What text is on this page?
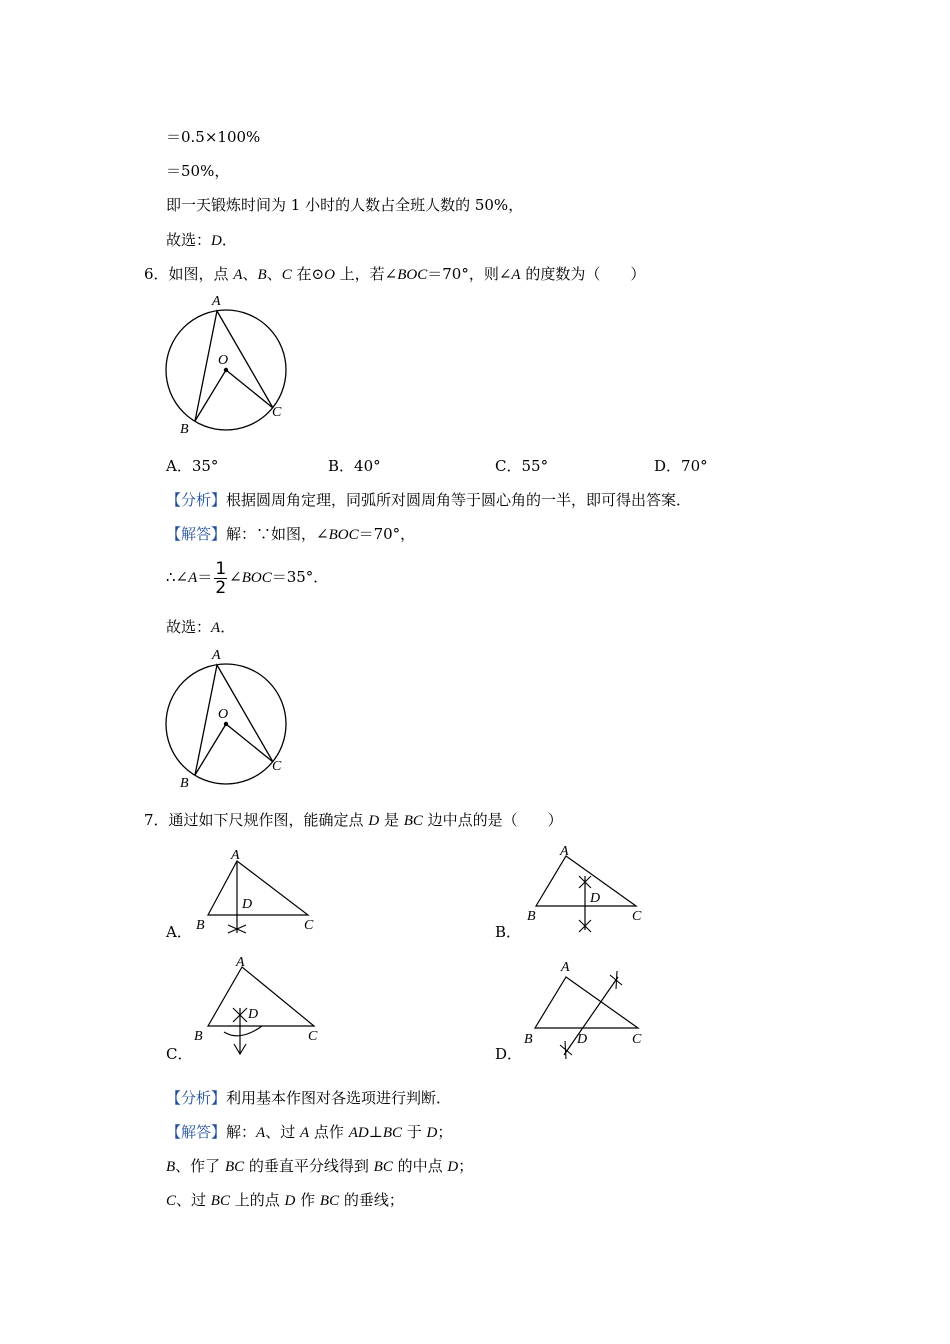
＝0.5×100%
＝50%，
即一天锻炼时间为 1 小时的人数占全班人数的 50%，
故选：D．
6．如图，点 A、B、C 在⊙O 上，若∠BOC＝70°，则∠A 的度数为（　　）
A
O
B
C
A．35°	B．40°	C．55°	D．70°
【分析】根据圆周角定理，同弧所对圆周角等于圆心角的一半，即可得出答案．
【解答】解：∵如图，∠BOC＝70°，
∴∠A＝ $\frac{1}{2}$ ∠BOC＝35°．
故选：A．
A
O
B
C
7．通过如下尺规作图，能确定点 D 是 BC 边中点的是（　　）
A．
A
D
B	C	B．
A
D
B	C
C．
A
D
B	C
D．
A
D
B	C
【分析】利用基本作图对各选项进行判断．
【解答】解：A、过 A 点作 AD⊥BC 于 D；
B、作了 BC 的垂直平分线得到 BC 的中点 D；
C、过 BC 上的点 D 作 BC 的垂线；
